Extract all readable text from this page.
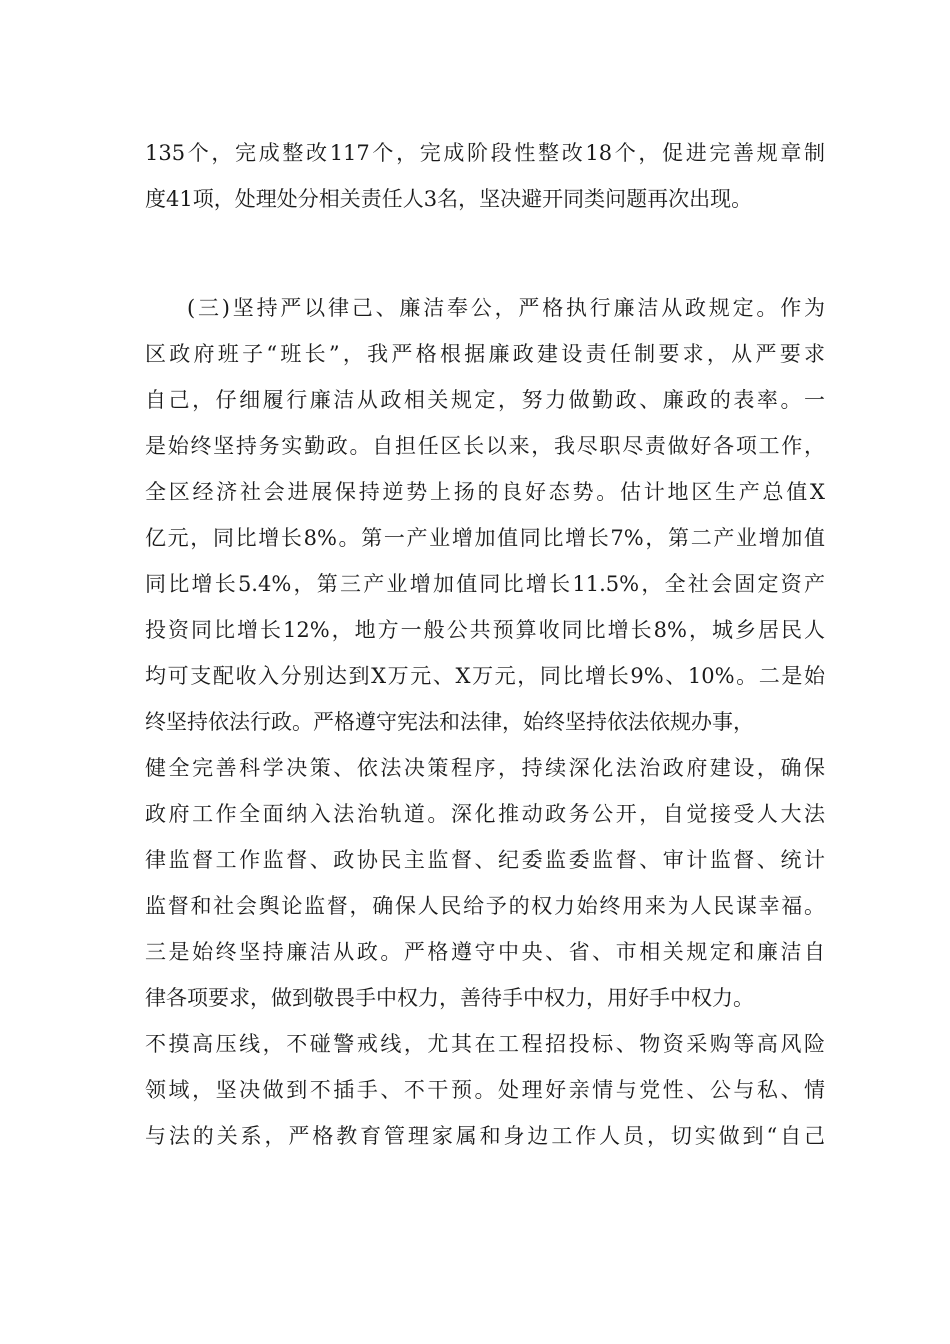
135个，完成整改117个，完成阶段性整改18个，促进完善规章制
度41项，处理处分相关责任人3名，坚决避开同类问题再次出现。
(三)坚持严以律己、廉洁奉公，严格执行廉洁从政规定。作为
区政府班子“班长”，我严格根据廉政建设责任制要求，从严要求
自己，仔细履行廉洁从政相关规定，努力做勤政、廉政的表率。一
是始终坚持务实勤政。自担任区长以来，我尽职尽责做好各项工作，
全区经济社会进展保持逆势上扬的良好态势。估计地区生产总值X
亿元，同比增长8%。第一产业增加值同比增长7%，第二产业增加值
同比增长5.4%，第三产业增加值同比增长11.5%，全社会固定资产
投资同比增长12%，地方一般公共预算收同比增长8%，城乡居民人
均可支配收入分别达到X万元、X万元，同比增长9%、10%。二是始
终坚持依法行政。严格遵守宪法和法律，始终坚持依法依规办事，
健全完善科学决策、依法决策程序，持续深化法治政府建设，确保
政府工作全面纳入法治轨道。深化推动政务公开，自觉接受人大法
律监督工作监督、政协民主监督、纪委监委监督、审计监督、统计
监督和社会舆论监督，确保人民给予的权力始终用来为人民谋幸福。
三是始终坚持廉洁从政。严格遵守中央、省、市相关规定和廉洁自
律各项要求，做到敬畏手中权力，善待手中权力，用好手中权力。
不摸高压线，不碰警戒线，尤其在工程招投标、物资采购等高风险
领域，坚决做到不插手、不干预。处理好亲情与党性、公与私、情
与法的关系，严格教育管理家属和身边工作人员，切实做到“自己
